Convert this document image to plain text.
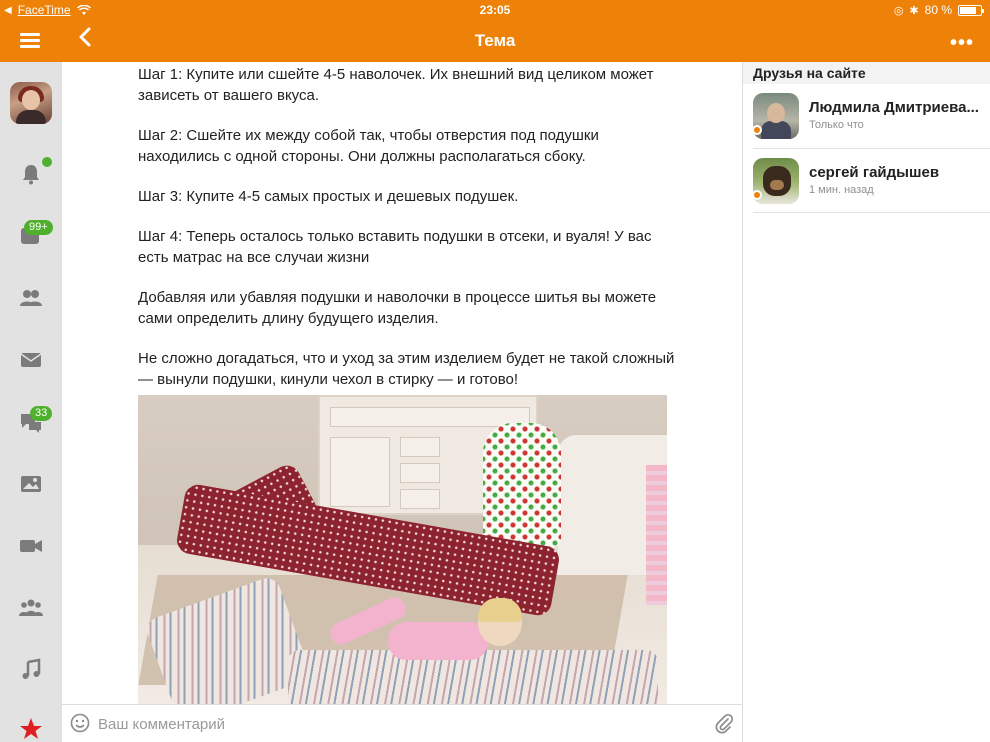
◀ FaceTime	23:05	◎ ✱ 80 %
Тема	•••
99+
33

Шаг 1: Купите или сшейте 4-5 наволочек. Их внешний вид целиком может зависеть от вашего вкуса.

Шаг 2: Сшейте их между собой так, чтобы отверстия под подушки находились с одной стороны. Они должны располагаться сбоку.

Шаг 3: Купите 4-5 самых простых и дешевых подушек.

Шаг 4: Теперь осталось только вставить подушки в отсеки, и вуаля! У вас есть матрас на все случаи жизни

Добавляя или убавляя подушки и наволочки в процессе шитья вы можете сами определить длину будущего изделия.

Не сложно догадаться, что и уход за этим изделием будет не такой сложный — вынули подушки, кинули чехол в стирку — и готово!

Ваш комментарий
Друзья на сайте
Людмила Дмитриева...
Только что
сергей гайдышев
1 мин. назад
